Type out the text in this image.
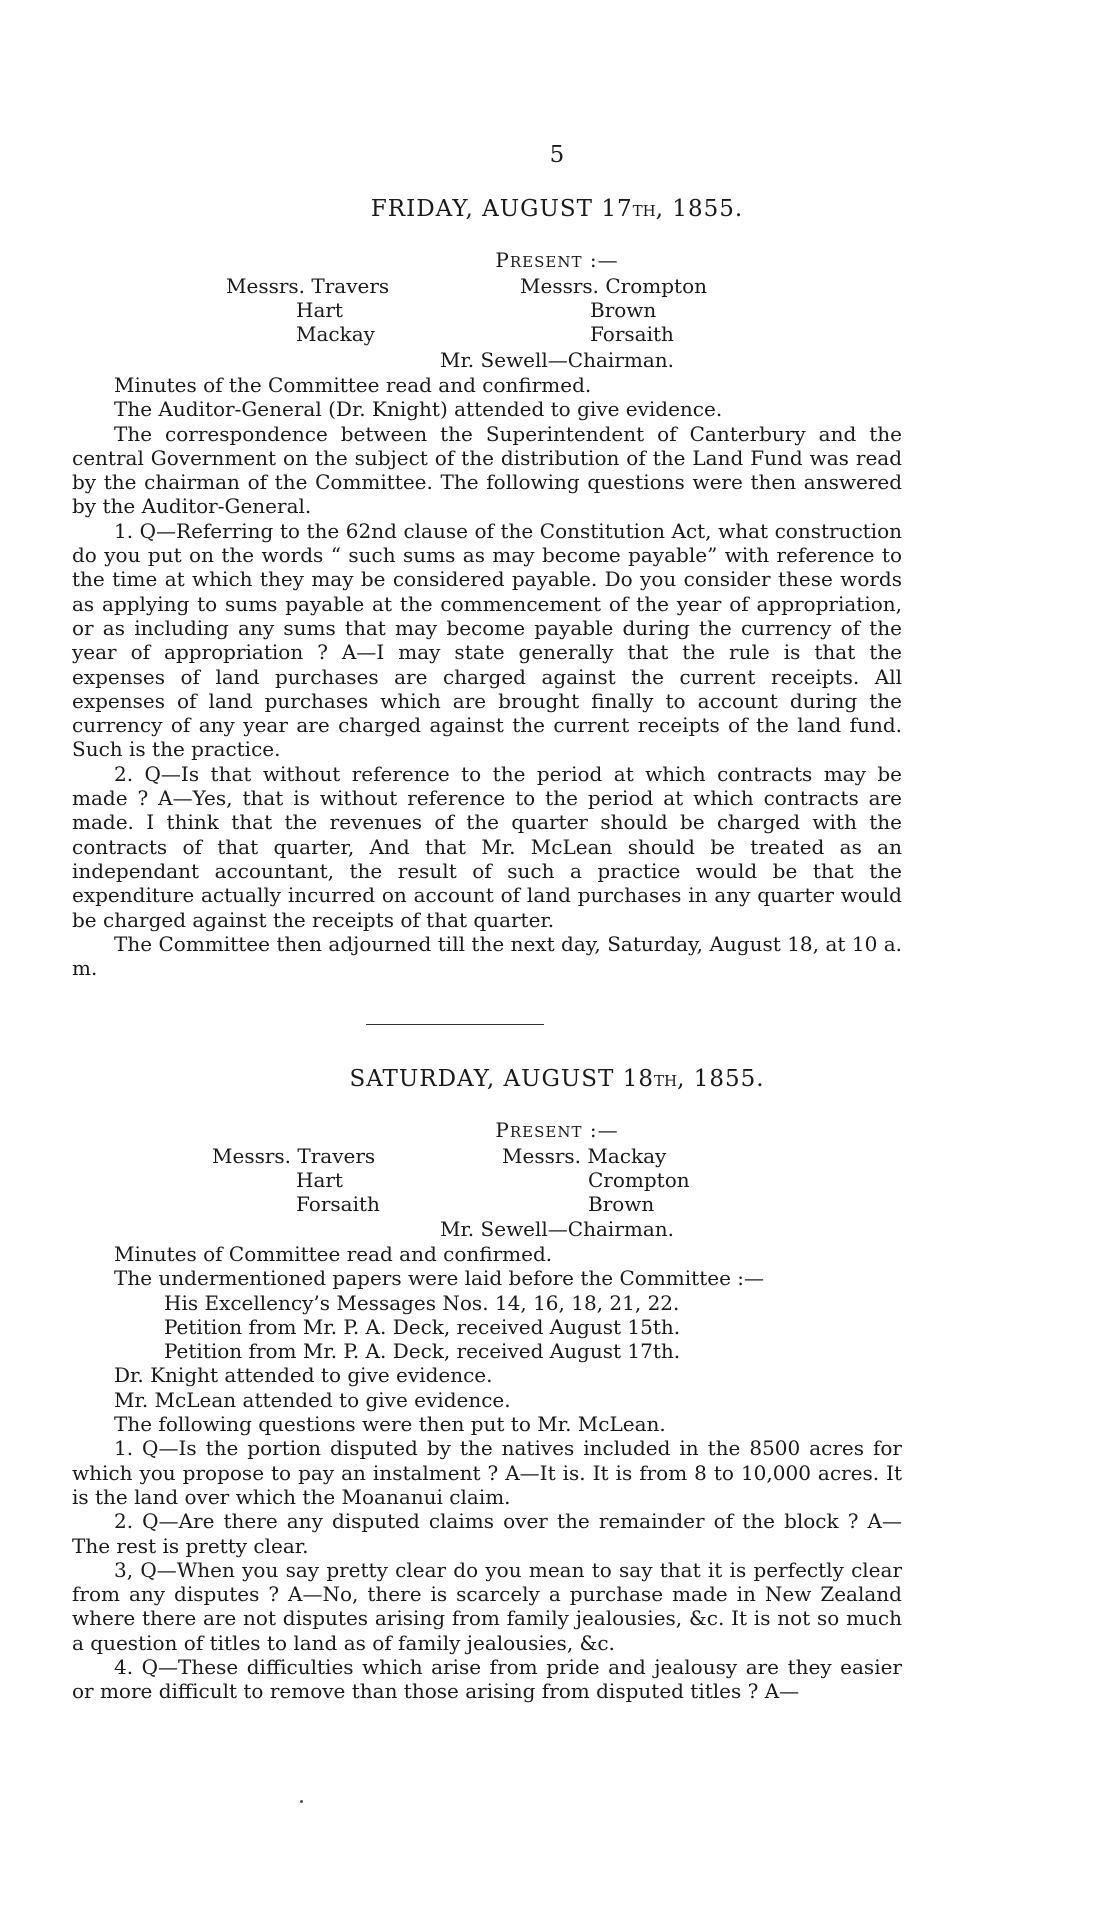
5
FRIDAY, AUGUST 17TH, 1855.
PRESENT :—
Messrs. Travers
Hart
Mackay
Messrs. Crompton
Brown
Forsaith
Mr. Sewell—Chairman.

Minutes of the Committee read and confirmed.

The Auditor-General (Dr. Knight) attended to give evidence.

The correspondence between the Superintendent of Canterbury and the central Government on the subject of the distribution of the Land Fund was read by the chairman of the Committee. The following questions were then answered by the Auditor-General.

1. Q—Referring to the 62nd clause of the Constitution Act, what construction do you put on the words “ such sums as may become payable” with reference to the time at which they may be considered payable. Do you consider these words as applying to sums payable at the commencement of the year of appropriation, or as including any sums that may become payable during the currency of the year of appropriation ? A—I may state generally that the rule is that the expenses of land purchases are charged against the current receipts. All expenses of land purchases which are brought finally to account during the currency of any year are charged against the current receipts of the land fund. Such is the practice.

2. Q—Is that without reference to the period at which contracts may be made ? A—Yes, that is without reference to the period at which contracts are made. I think that the revenues of the quarter should be charged with the contracts of that quarter, And that Mr. McLean should be treated as an independant accountant, the result of such a practice would be that the expenditure actually incurred on account of land purchases in any quarter would be charged against the receipts of that quarter.

The Committee then adjourned till the next day, Saturday, August 18, at 10 a. m.

SATURDAY, AUGUST 18TH, 1855.
PRESENT :—
Messrs. Travers
Hart
Forsaith
Messrs. Mackay
Crompton
Brown
Mr. Sewell—Chairman.

Minutes of Committee read and confirmed.

The undermentioned papers were laid before the Committee :—

His Excellency’s Messages Nos. 14, 16, 18, 21, 22.

Petition from Mr. P. A. Deck, received August 15th.

Petition from Mr. P. A. Deck, received August 17th.

Dr. Knight attended to give evidence.

Mr. McLean attended to give evidence.

The following questions were then put to Mr. McLean.

1. Q—Is the portion disputed by the natives included in the 8500 acres for which you propose to pay an instalment ? A—It is. It is from 8 to 10,000 acres. It is the land over which the Moananui claim.

2. Q—Are there any disputed claims over the remainder of the block ? A—The rest is pretty clear.

3, Q—When you say pretty clear do you mean to say that it is perfectly clear from any disputes ? A—No, there is scarcely a purchase made in New Zealand where there are not disputes arising from family jealousies, &c. It is not so much a question of titles to land as of family jealousies, &c.

4. Q—These difficulties which arise from pride and jealousy are they easier or more difficult to remove than those arising from disputed titles ? A—
